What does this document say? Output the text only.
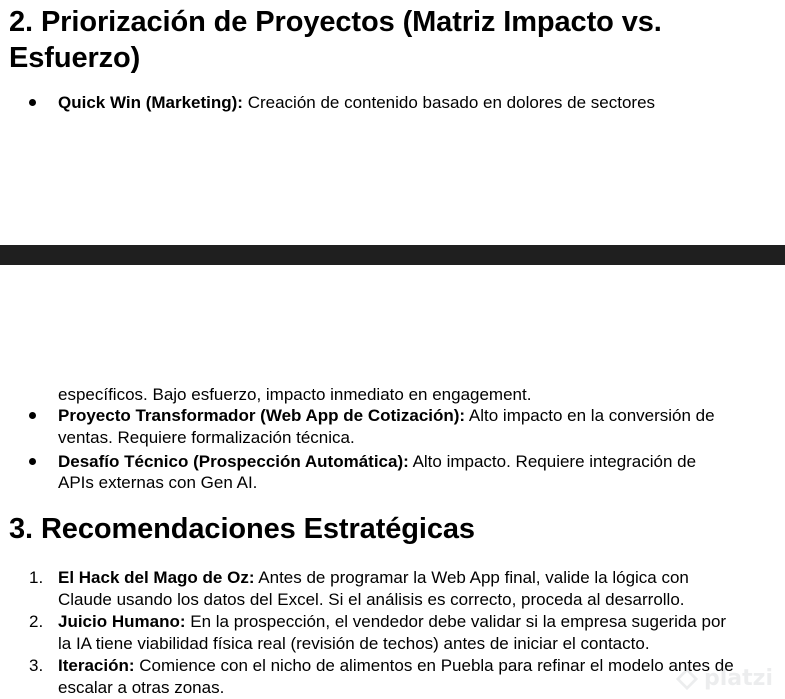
2. Priorización de Proyectos (Matriz Impacto vs.
Esfuerzo)

Quick Win (Marketing): Creación de contenido basado en dolores de sectores

específicos. Bajo esfuerzo, impacto inmediato en engagement.

Proyecto Transformador (Web App de Cotización): Alto impacto en la conversión de

ventas. Requiere formalización técnica.

Desafío Técnico (Prospección Automática): Alto impacto. Requiere integración de

APIs externas con Gen AI.

3. Recomendaciones Estratégicas
1. El Hack del Mago de Oz: Antes de programar la Web App final, valide la lógica con

Claude usando los datos del Excel. Si el análisis es correcto, proceda al desarrollo.

2. Juicio Humano: En la prospección, el vendedor debe validar si la empresa sugerida por

la IA tiene viabilidad física real (revisión de techos) antes de iniciar el contacto.

3. Iteración: Comience con el nicho de alimentos en Puebla para refinar el modelo antes de

escalar a otras zonas.	platzi
